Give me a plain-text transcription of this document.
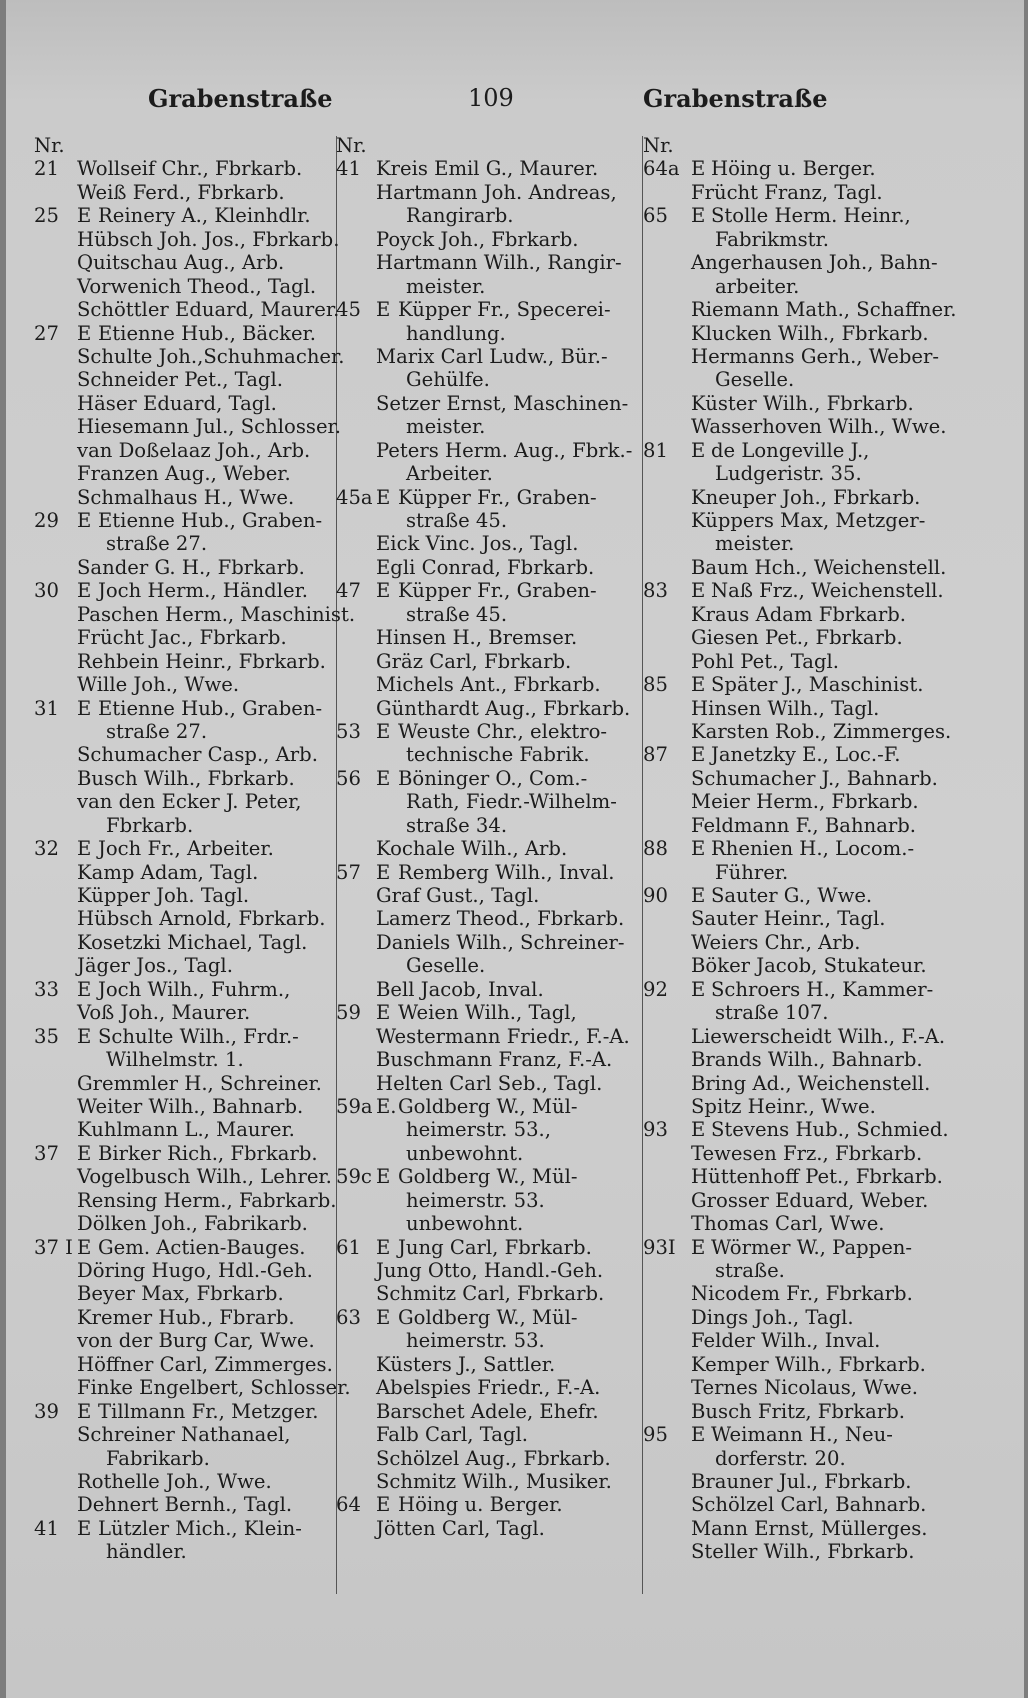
Grabenstraße	109	Grabenstraße
Nr.
21 Wollseif Chr., Fbrkarb.
Weiß Ferd., Fbrkarb.
25 E Reinery A., Kleinhdlr.
Hübsch Joh. Jos., Fbrkarb.
Quitschau Aug., Arb.
Vorwenich Theod., Tagl.
Schöttler Eduard, Maurer.
27 E Etienne Hub., Bäcker.
Schulte Joh.,Schuhmacher.
Schneider Pet., Tagl.
Häser Eduard, Tagl.
Hiesemann Jul., Schlosser.
van Doßelaaz Joh., Arb.
Franzen Aug., Weber.
Schmalhaus H., Wwe.
29 E Etienne Hub., Graben-
straße 27.
Sander G. H., Fbrkarb.
30 E Joch Herm., Händler.
Paschen Herm., Maschinist.
Frücht Jac., Fbrkarb.
Rehbein Heinr., Fbrkarb.
Wille Joh., Wwe.
31 E Etienne Hub., Graben-
straße 27.
Schumacher Casp., Arb.
Busch Wilh., Fbrkarb.
van den Ecker J. Peter,
Fbrkarb.
32 E Joch Fr., Arbeiter.
Kamp Adam, Tagl.
Küpper Joh. Tagl.
Hübsch Arnold, Fbrkarb.
Kosetzki Michael, Tagl.
Jäger Jos., Tagl.
33 E Joch Wilh., Fuhrm.,
Voß Joh., Maurer.
35 E Schulte Wilh., Frdr.-
Wilhelmstr. 1.
Gremmler H., Schreiner.
Weiter Wilh., Bahnarb.
Kuhlmann L., Maurer.
37 E Birker Rich., Fbrkarb.
Vogelbusch Wilh., Lehrer.
Rensing Herm., Fabrkarb.
Dölken Joh., Fabrikarb.
37 I E Gem. Actien-Bauges.
Döring Hugo, Hdl.-Geh.
Beyer Max, Fbrkarb.
Kremer Hub., Fbrarb.
von der Burg Car, Wwe.
Höffner Carl, Zimmerges.
Finke Engelbert, Schlosser.
39 E Tillmann Fr., Metzger.
Schreiner Nathanael,
Fabrikarb.
Rothelle Joh., Wwe.
Dehnert Bernh., Tagl.
41 E Lützler Mich., Klein-
händler.
Nr.
41 Kreis Emil G., Maurer.
Hartmann Joh. Andreas,
Rangirarb.
Poyck Joh., Fbrkarb.
Hartmann Wilh., Rangir-
meister.
45 E Küpper Fr., Specerei-
handlung.
Marix Carl Ludw., Bür.-
Gehülfe.
Setzer Ernst, Maschinen-
meister.
Peters Herm. Aug., Fbrk.-
Arbeiter.
45a E Küpper Fr., Graben-
straße 45.
Eick Vinc. Jos., Tagl.
Egli Conrad, Fbrkarb.
47 E Küpper Fr., Graben-
straße 45.
Hinsen H., Bremser.
Gräz Carl, Fbrkarb.
Michels Ant., Fbrkarb.
Günthardt Aug., Fbrkarb.
53 E Weuste Chr., elektro-
technische Fabrik.
56 E Böninger O., Com.-
Rath, Fiedr.-Wilhelm-
straße 34.
Kochale Wilh., Arb.
57 E Remberg Wilh., Inval.
Graf Gust., Tagl.
Lamerz Theod., Fbrkarb.
Daniels Wilh., Schreiner-
Geselle.
Bell Jacob, Inval.
59 E Weien Wilh., Tagl,
Westermann Friedr., F.-A.
Buschmann Franz, F.-A.
Helten Carl Seb., Tagl.
59a E. Goldberg W., Mül-
heimerstr. 53.,
unbewohnt.
59c E Goldberg W., Mül-
heimerstr. 53.
unbewohnt.
61 E Jung Carl, Fbrkarb.
Jung Otto, Handl.-Geh.
Schmitz Carl, Fbrkarb.
63 E Goldberg W., Mül-
heimerstr. 53.
Küsters J., Sattler.
Abelspies Friedr., F.-A.
Barschet Adele, Ehefr.
Falb Carl, Tagl.
Schölzel Aug., Fbrkarb.
Schmitz Wilh., Musiker.
64 E Höing u. Berger.
Jötten Carl, Tagl.
Nr.
64a E Höing u. Berger.
Frücht Franz, Tagl.
65	E Stolle Herm. Heinr.,
Fabrikmstr.
Angerhausen Joh., Bahn-
arbeiter.
Riemann Math., Schaffner.
Klucken Wilh., Fbrkarb.
Hermanns Gerh., Weber-
Geselle.
Küster Wilh., Fbrkarb.
Wasserhoven Wilh., Wwe.
81	E de Longeville J.,
Ludgeristr. 35.
Kneuper Joh., Fbrkarb.
Küppers Max, Metzger-
meister.
Baum Hch., Weichenstell.
83	E Naß Frz., Weichenstell.
Kraus Adam Fbrkarb.
Giesen Pet., Fbrkarb.
Pohl Pet., Tagl.
85	E Später J., Maschinist.
Hinsen Wilh., Tagl.
Karsten Rob., Zimmerges.
87	E Janetzky E., Loc.-F.
Schumacher J., Bahnarb.
Meier Herm., Fbrkarb.
Feldmann F., Bahnarb.
88	E Rhenien H., Locom.-
Führer.
90	E Sauter G., Wwe.
Sauter Heinr., Tagl.
Weiers Chr., Arb.
Böker Jacob, Stukateur.
92	E Schroers H., Kammer-
straße 107.
Liewerscheidt Wilh., F.-A.
Brands Wilh., Bahnarb.
Bring Ad., Weichenstell.
Spitz Heinr., Wwe.
93	E Stevens Hub., Schmied.
Tewesen Frz., Fbrkarb.
Hüttenhoff Pet., Fbrkarb.
Grosser Eduard, Weber.
Thomas Carl, Wwe.
93I E Wörmer W., Pappen-
straße.
Nicodem Fr., Fbrkarb.
Dings Joh., Tagl.
Felder Wilh., Inval.
Kemper Wilh., Fbrkarb.
Ternes Nicolaus, Wwe.
Busch Fritz, Fbrkarb.
95	E Weimann H., Neu-
dorferstr. 20.
Brauner Jul., Fbrkarb.
Schölzel Carl, Bahnarb.
Mann Ernst, Müllerges.
Steller Wilh., Fbrkarb.
